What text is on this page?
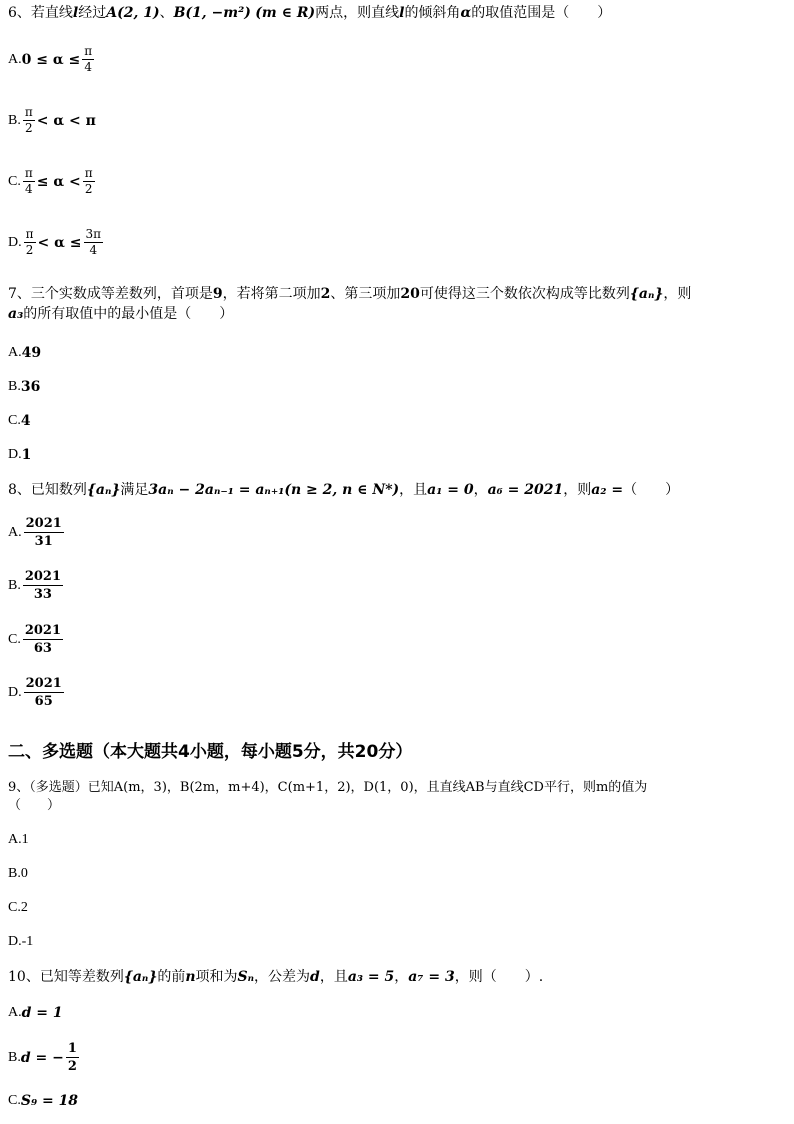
6、若直线l经过A(2, 1)、B(1, −m²) (m ∈ R)两点，则直线l的倾斜角α的取值范围是（　　）
A. $0 \le \alpha \le \frac{\pi}{4}$
B. $\frac{\pi}{2} < \alpha < \pi$
C. $\frac{\pi}{4} \le \alpha < \frac{\pi}{2}$
D. $\frac{\pi}{2} < \alpha \le \frac{3\pi}{4}$
7、三个实数成等差数列，首项是9，若将第二项加2、第三项加20可使得这三个数依次构成等比数列{aₙ}，则
a₃的所有取值中的最小值是（　　）
A. 49
B. 36
C. 4
D. 1
8、已知数列{aₙ}满足3aₙ − 2aₙ₋₁ = aₙ₊₁(n ≥ 2, n ∈ N*)，且a₁ = 0，a₆ = 2021，则a₂ =（　　）
A. $\frac{2021}{31}$
B. $\frac{2021}{33}$
C. $\frac{2021}{63}$
D. $\frac{2021}{65}$
二、多选题（本大题共4小题，每小题5分，共20分）
9、（多选题）已知A(m，3)，B(2m，m+4)，C(m+1，2)，D(1，0)，且直线AB与直线CD平行，则m的值为
（　　）
A. 1
B. 0
C. 2
D. -1
10、已知等差数列{aₙ}的前n项和为Sₙ，公差为d，且a₃ = 5，a₇ = 3，则（　　）.
A. d = 1
B. d = − $\frac{1}{2}$
C. S₉ = 18
